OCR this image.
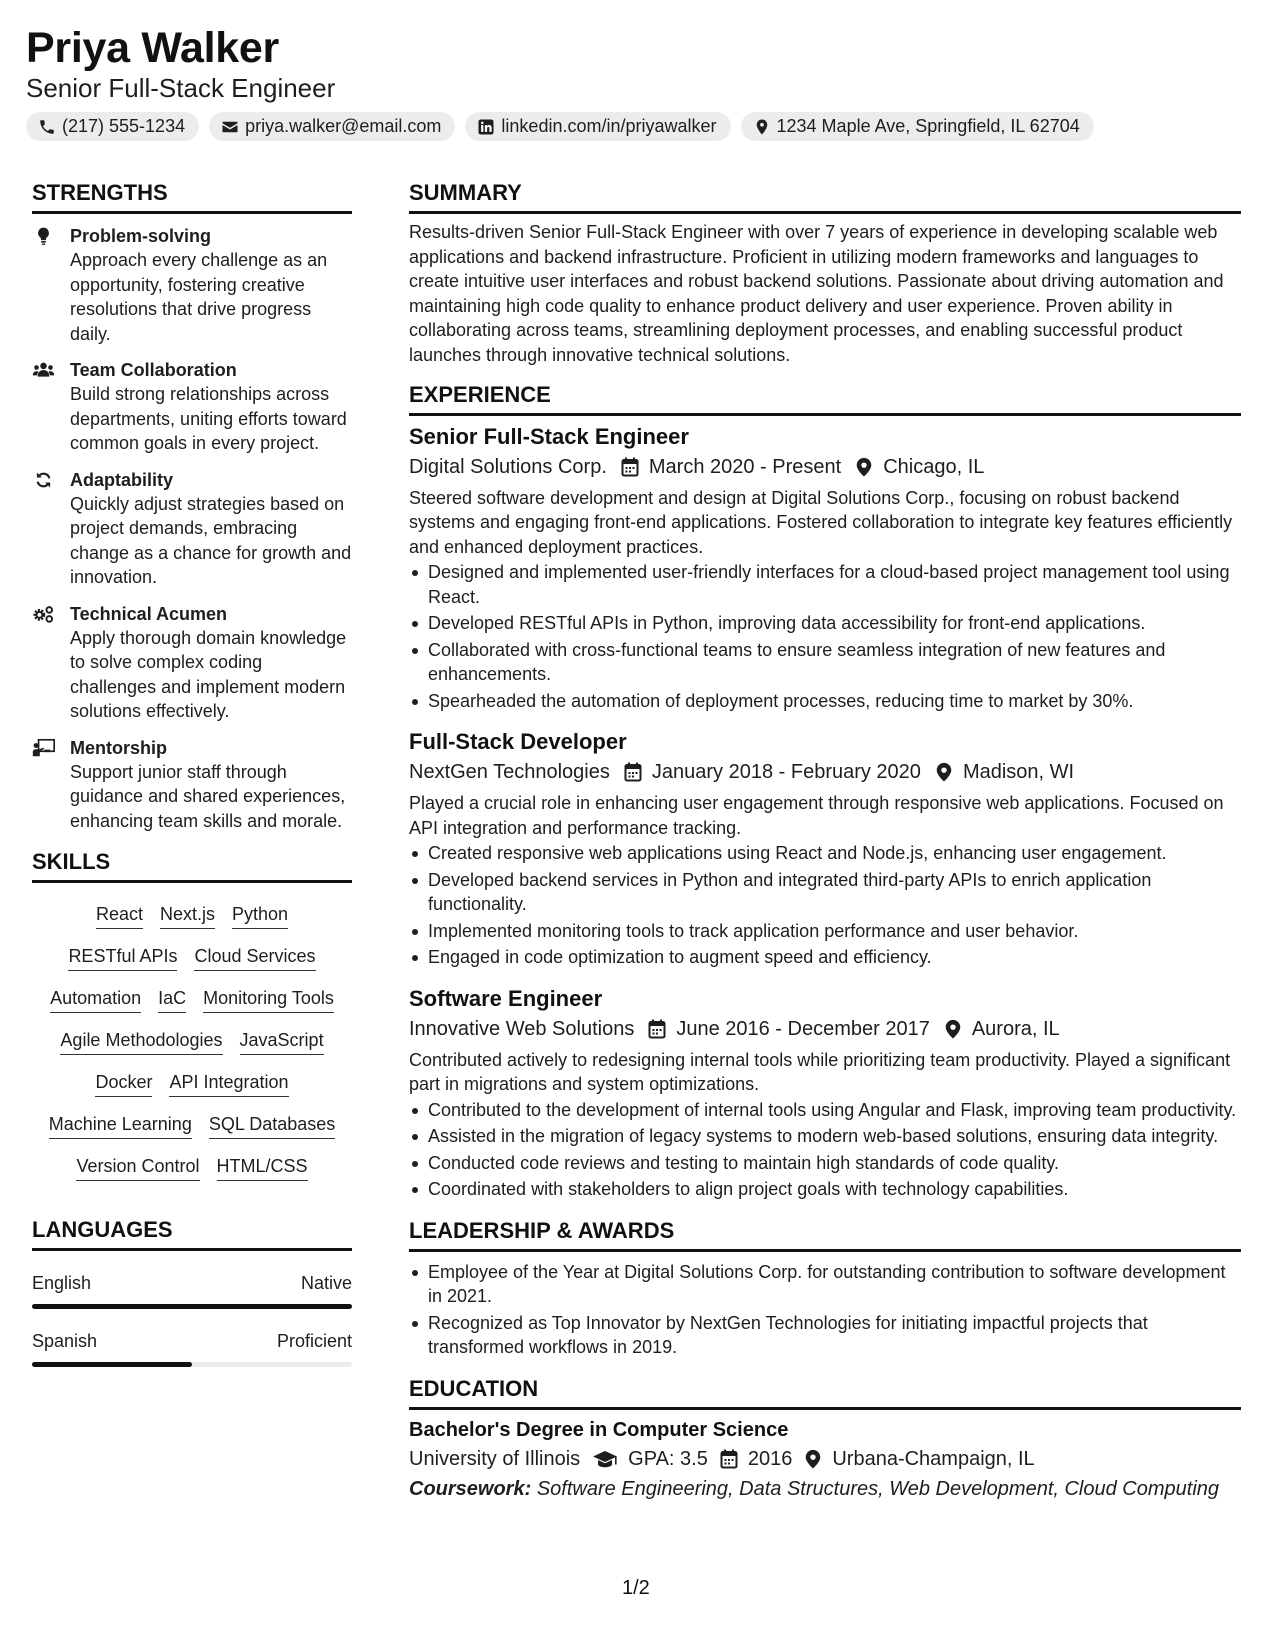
Priya Walker
Senior Full-Stack Engineer
(217) 555-1234	priya.walker@email.com	linkedin.com/in/priyawalker	1234 Maple Ave, Springfield, IL 62704
STRENGTHS
Problem-solving
Approach every challenge as an opportunity, fostering creative resolutions that drive progress daily.
Team Collaboration
Build strong relationships across departments, uniting efforts toward common goals in every project.
Adaptability
Quickly adjust strategies based on project demands, embracing change as a chance for growth and innovation.
Technical Acumen
Apply thorough domain knowledge to solve complex coding challenges and implement modern solutions effectively.
Mentorship
Support junior staff through guidance and shared experiences, enhancing team skills and morale.
SKILLS
React Next.js Python
RESTful APIs Cloud Services
Automation IaC Monitoring Tools
Agile Methodologies JavaScript
Docker API Integration
Machine Learning SQL Databases
Version Control HTML/CSS
LANGUAGES
English	Native
Spanish	Proficient
SUMMARY
Results-driven Senior Full-Stack Engineer with over 7 years of experience in developing scalable web applications and backend infrastructure. Proficient in utilizing modern frameworks and languages to create intuitive user interfaces and robust backend solutions. Passionate about driving automation and maintaining high code quality to enhance product delivery and user experience. Proven ability in collaborating across teams, streamlining deployment processes, and enabling successful product launches through innovative technical solutions.
EXPERIENCE
Senior Full-Stack Engineer
Digital Solutions Corp. March 2020 - Present Chicago, IL
Steered software development and design at Digital Solutions Corp., focusing on robust backend systems and engaging front-end applications. Fostered collaboration to integrate key features efficiently and enhanced deployment practices.
Designed and implemented user-friendly interfaces for a cloud-based project management tool using React.
Developed RESTful APIs in Python, improving data accessibility for front-end applications.
Collaborated with cross-functional teams to ensure seamless integration of new features and enhancements.
Spearheaded the automation of deployment processes, reducing time to market by 30%.
Full-Stack Developer
NextGen Technologies January 2018 - February 2020 Madison, WI
Played a crucial role in enhancing user engagement through responsive web applications. Focused on API integration and performance tracking.
Created responsive web applications using React and Node.js, enhancing user engagement.
Developed backend services in Python and integrated third-party APIs to enrich application functionality.
Implemented monitoring tools to track application performance and user behavior.
Engaged in code optimization to augment speed and efficiency.
Software Engineer
Innovative Web Solutions June 2016 - December 2017 Aurora, IL
Contributed actively to redesigning internal tools while prioritizing team productivity. Played a significant part in migrations and system optimizations.
Contributed to the development of internal tools using Angular and Flask, improving team productivity.
Assisted in the migration of legacy systems to modern web-based solutions, ensuring data integrity.
Conducted code reviews and testing to maintain high standards of code quality.
Coordinated with stakeholders to align project goals with technology capabilities.
LEADERSHIP & AWARDS
Employee of the Year at Digital Solutions Corp. for outstanding contribution to software development in 2021.
Recognized as Top Innovator by NextGen Technologies for initiating impactful projects that transformed workflows in 2019.
EDUCATION
Bachelor's Degree in Computer Science
University of Illinois GPA: 3.5 2016 Urbana-Champaign, IL
Coursework: Software Engineering, Data Structures, Web Development, Cloud Computing
1/2
